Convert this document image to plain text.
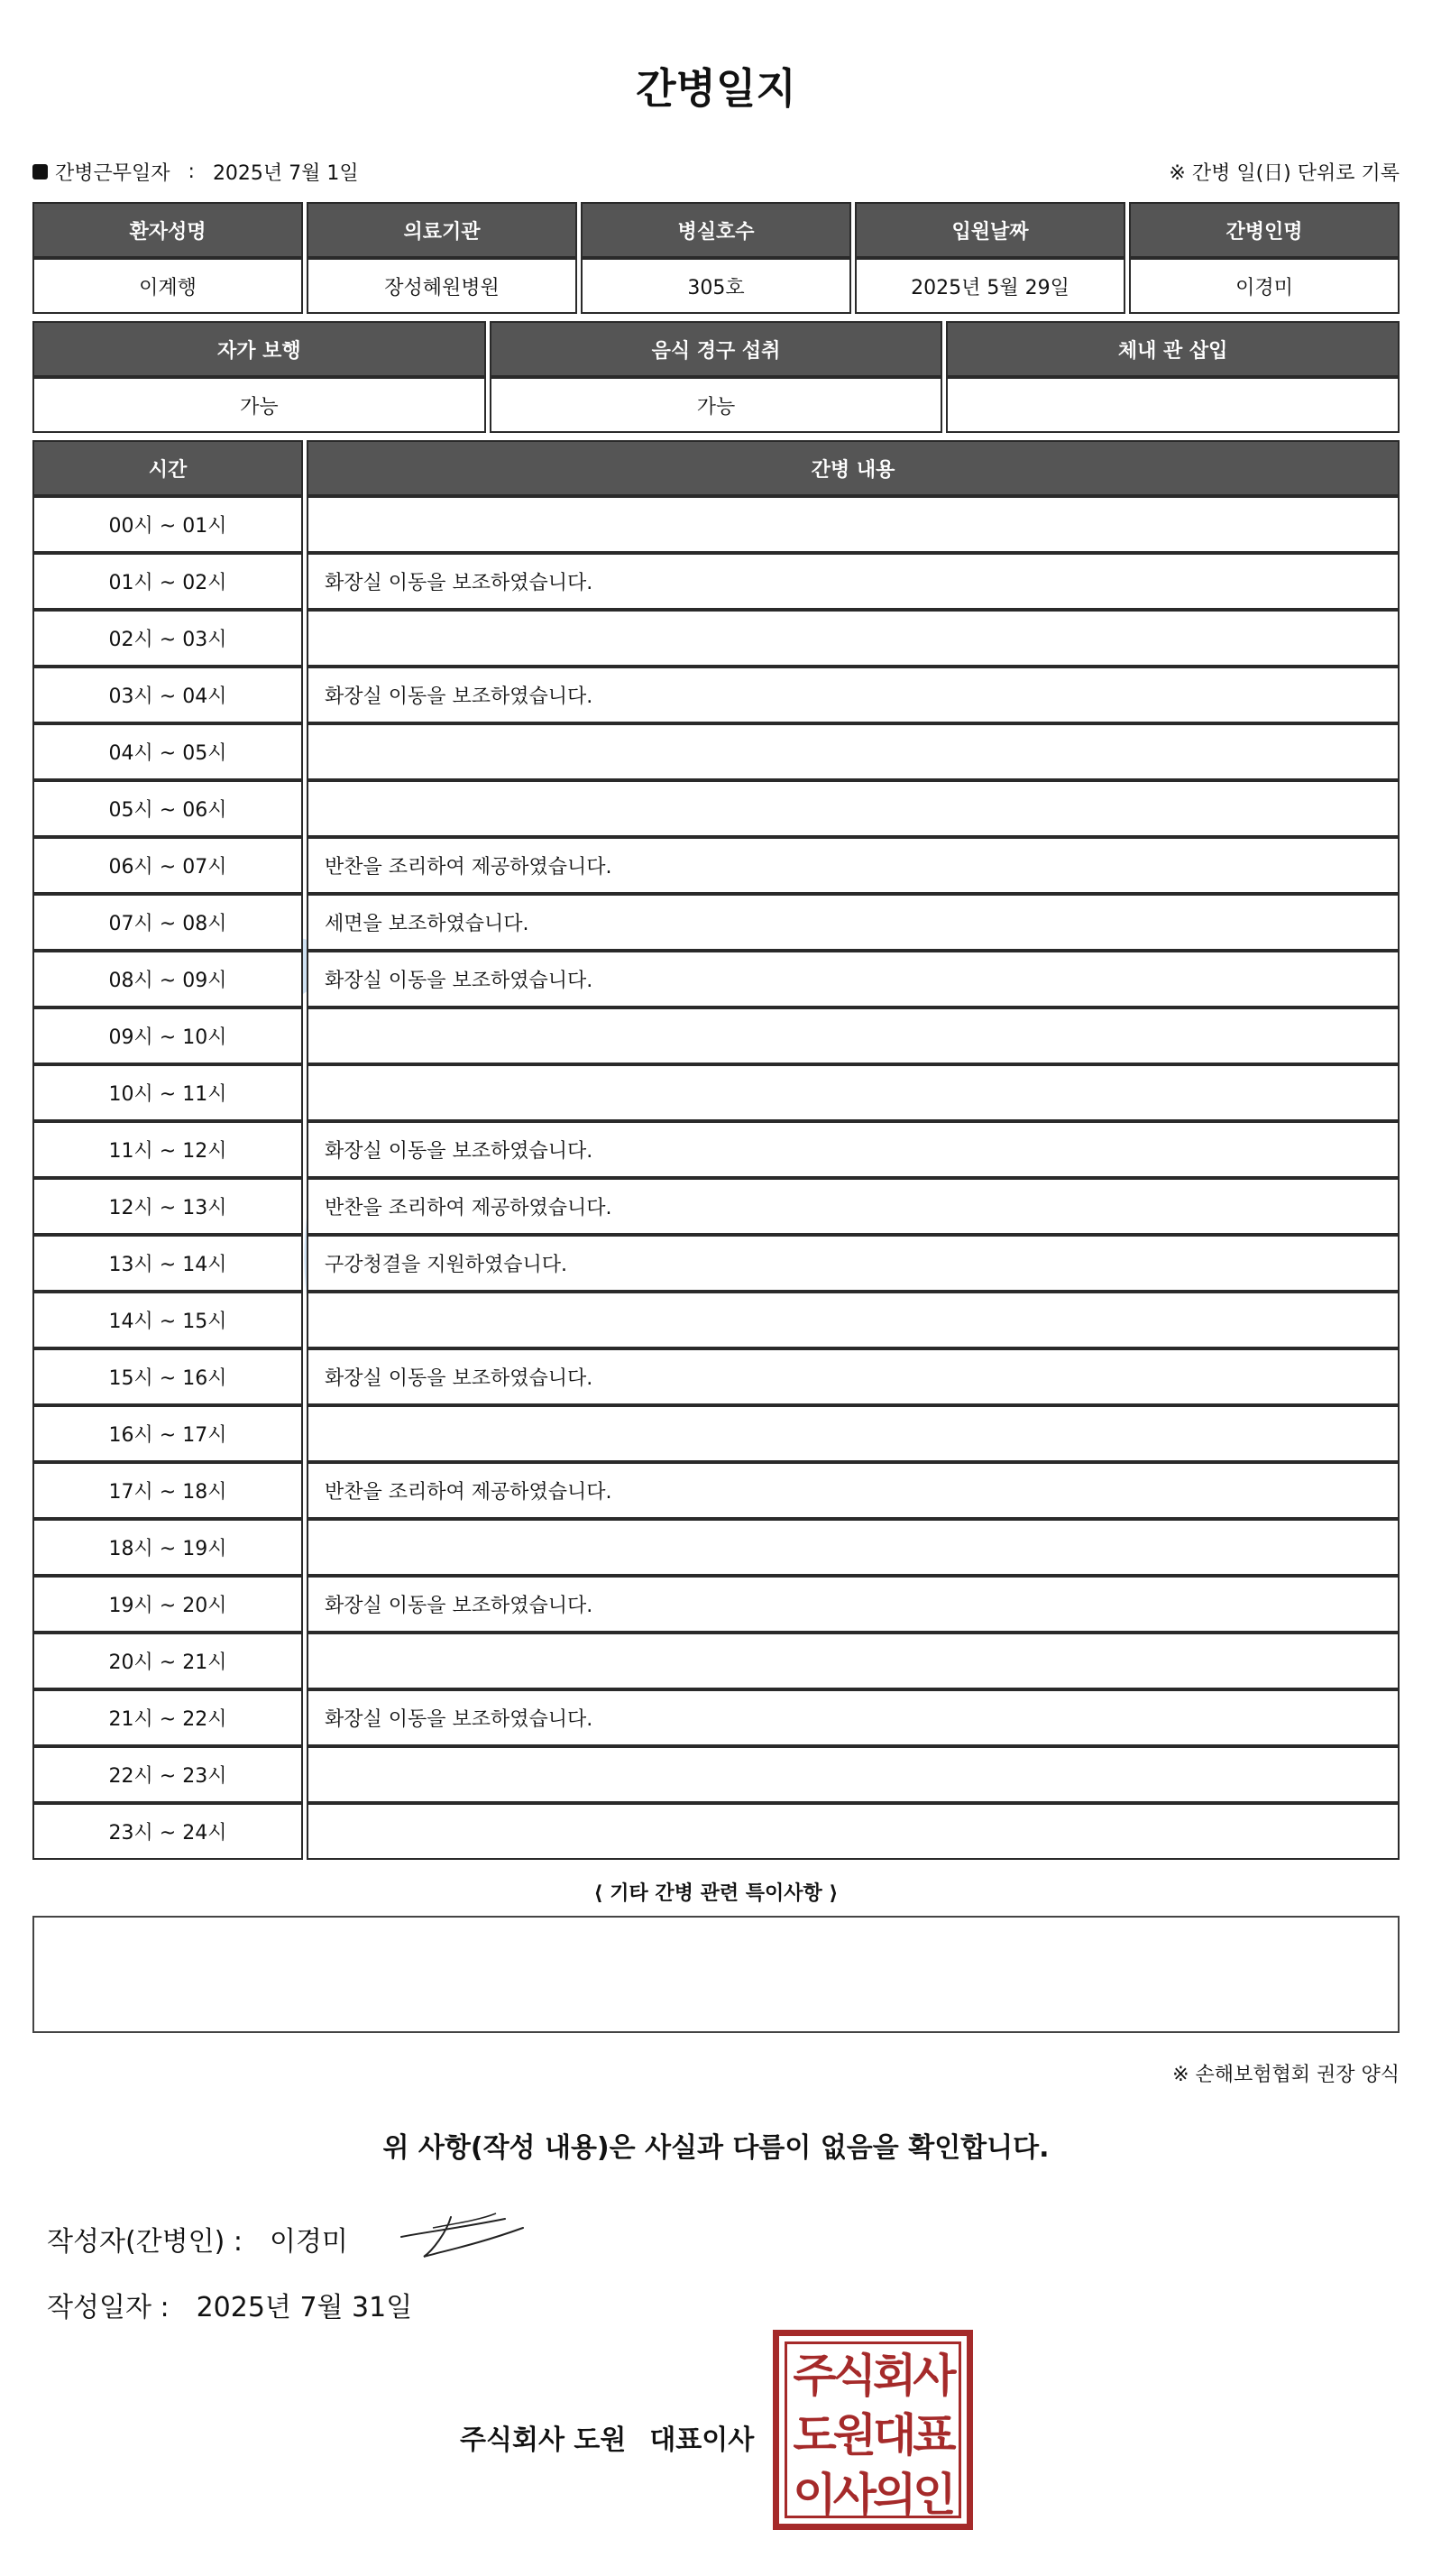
간병일지
간병근무일자 : 2025년 7월 1일	※ 간병 일(日) 단위로 기록
환자성명	의료기관	병실호수	입원날짜	간병인명
이계행	장성혜원병원	305호	2025년 5월 29일	이경미
자가 보행	음식 경구 섭취	체내 관 삽입
가능	가능
시간	간병 내용
00시 ~ 01시
01시 ~ 02시	화장실 이동을 보조하였습니다.
02시 ~ 03시
03시 ~ 04시	화장실 이동을 보조하였습니다.
04시 ~ 05시
05시 ~ 06시
06시 ~ 07시	반찬을 조리하여 제공하였습니다.
07시 ~ 08시	세면을 보조하였습니다.
08시 ~ 09시	화장실 이동을 보조하였습니다.
09시 ~ 10시
10시 ~ 11시
11시 ~ 12시	화장실 이동을 보조하였습니다.
12시 ~ 13시	반찬을 조리하여 제공하였습니다.
13시 ~ 14시	구강청결을 지원하였습니다.
14시 ~ 15시
15시 ~ 16시	화장실 이동을 보조하였습니다.
16시 ~ 17시
17시 ~ 18시	반찬을 조리하여 제공하였습니다.
18시 ~ 19시
19시 ~ 20시	화장실 이동을 보조하였습니다.
20시 ~ 21시
21시 ~ 22시	화장실 이동을 보조하였습니다.
22시 ~ 23시
23시 ~ 24시
⟨ 기타 간병 관련 특이사항 ⟩
※ 손해보험협회 권장 양식
위 사항(작성 내용)은 사실과 다름이 없음을 확인합니다.
작성자(간병인) : 이경미
작성일자 : 2025년 7월 31일
주식회사 도원 대표이사
주식회사
도원대표
이사의인
